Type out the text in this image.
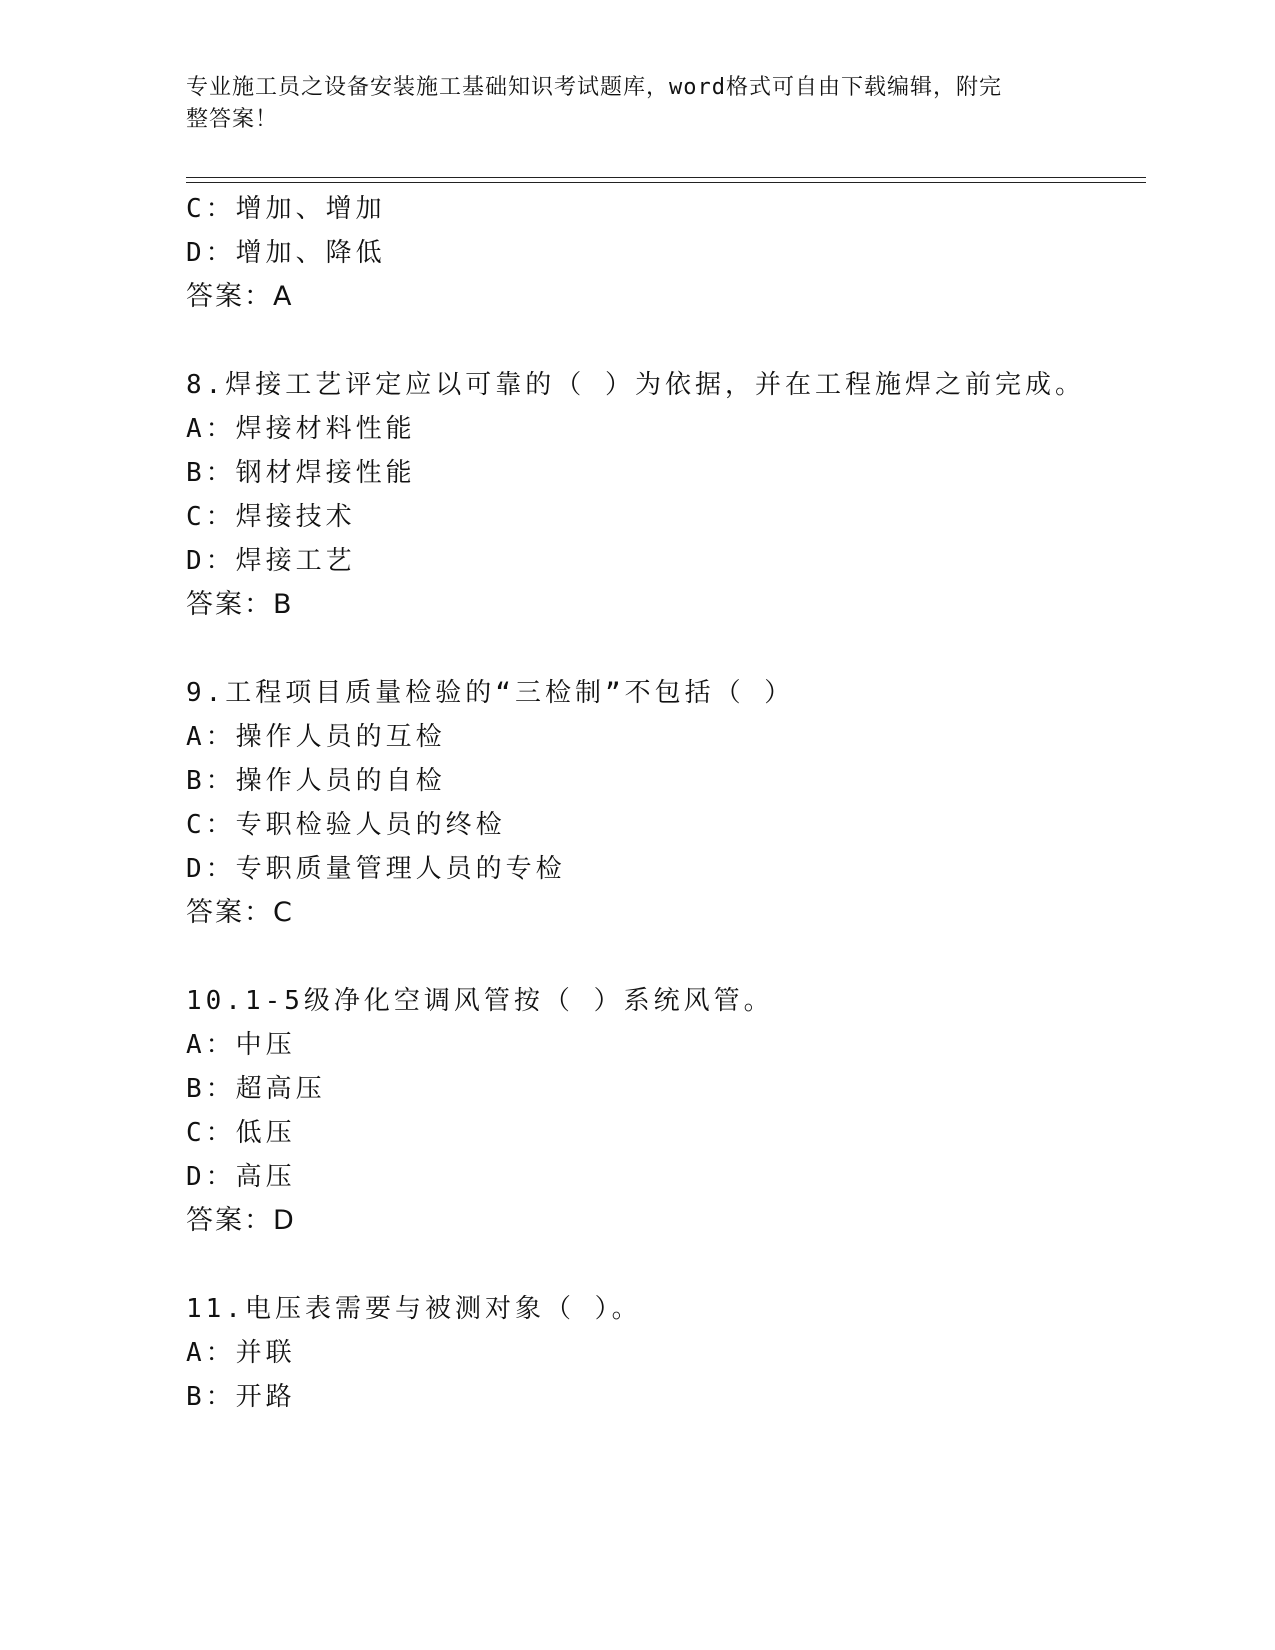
专业施工员之设备安装施工基础知识考试题库，word格式可自由下载编辑，附完
整答案！
C：增加、增加
D：增加、降低
答案：A
8.焊接工艺评定应以可靠的（ ）为依据，并在工程施焊之前完成。
A：焊接材料性能
B：钢材焊接性能
C：焊接技术
D：焊接工艺
答案：B
9.工程项目质量检验的“三检制”不包括（ ）
A：操作人员的互检
B：操作人员的自检
C：专职检验人员的终检
D：专职质量管理人员的专检
答案：C
10.1-5级净化空调风管按（ ）系统风管。
A：中压
B：超高压
C：低压
D：高压
答案：D
11.电压表需要与被测对象（ ）。
A：并联
B：开路
